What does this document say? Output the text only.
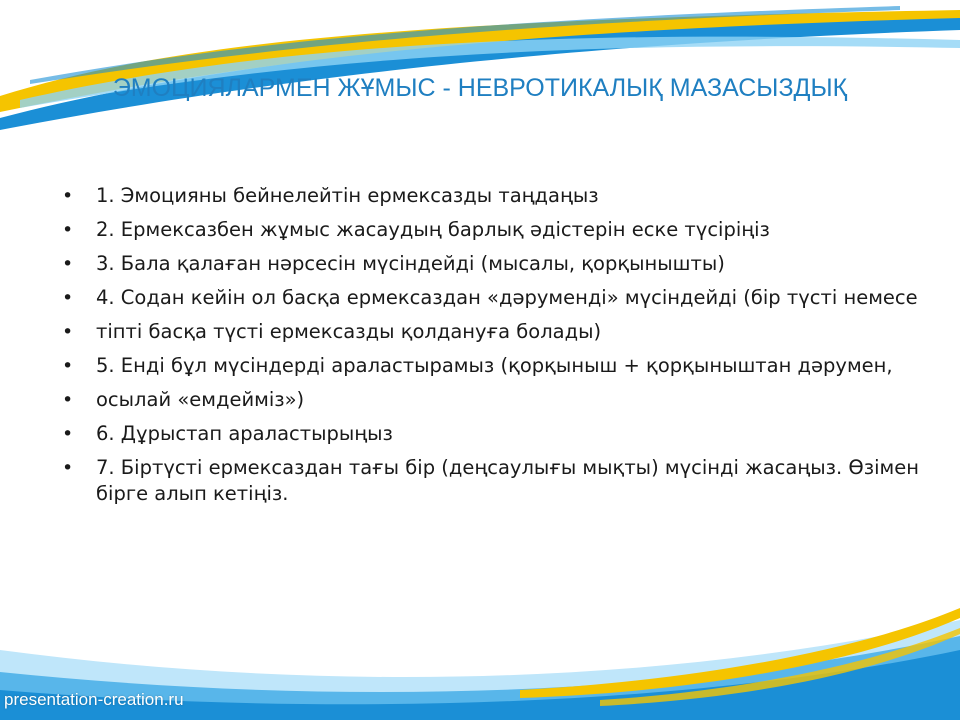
ЭМОЦИЯЛАРМЕН ЖҰМЫС - НЕВРОТИКАЛЫҚ МАЗАСЫЗДЫҚ
• 1. Эмоцияны бейнелейтін ермексазды таңдаңыз
• 2. Ермексазбен жұмыс жасаудың барлық әдістерін еске түсіріңіз
• 3. Бала қалаған нәрсесін мүсіндейді (мысалы, қорқынышты)
• 4. Содан кейін ол басқа ермексаздан «дәруменді» мүсіндейді (бір түсті немесе
• тіпті басқа түсті ермексазды қолдануға болады)
• 5. Енді бұл мүсіндерді араластырамыз (қорқыныш + қорқыныштан дәрумен,
• осылай «емдейміз»)
• 6. Дұрыстап араластырыңыз
• 7. Біртүсті ермексаздан тағы бір (деңсаулығы мықты) мүсінді жасаңыз. Өзімен бірге алып кетіңіз.
presentation-creation.ru
